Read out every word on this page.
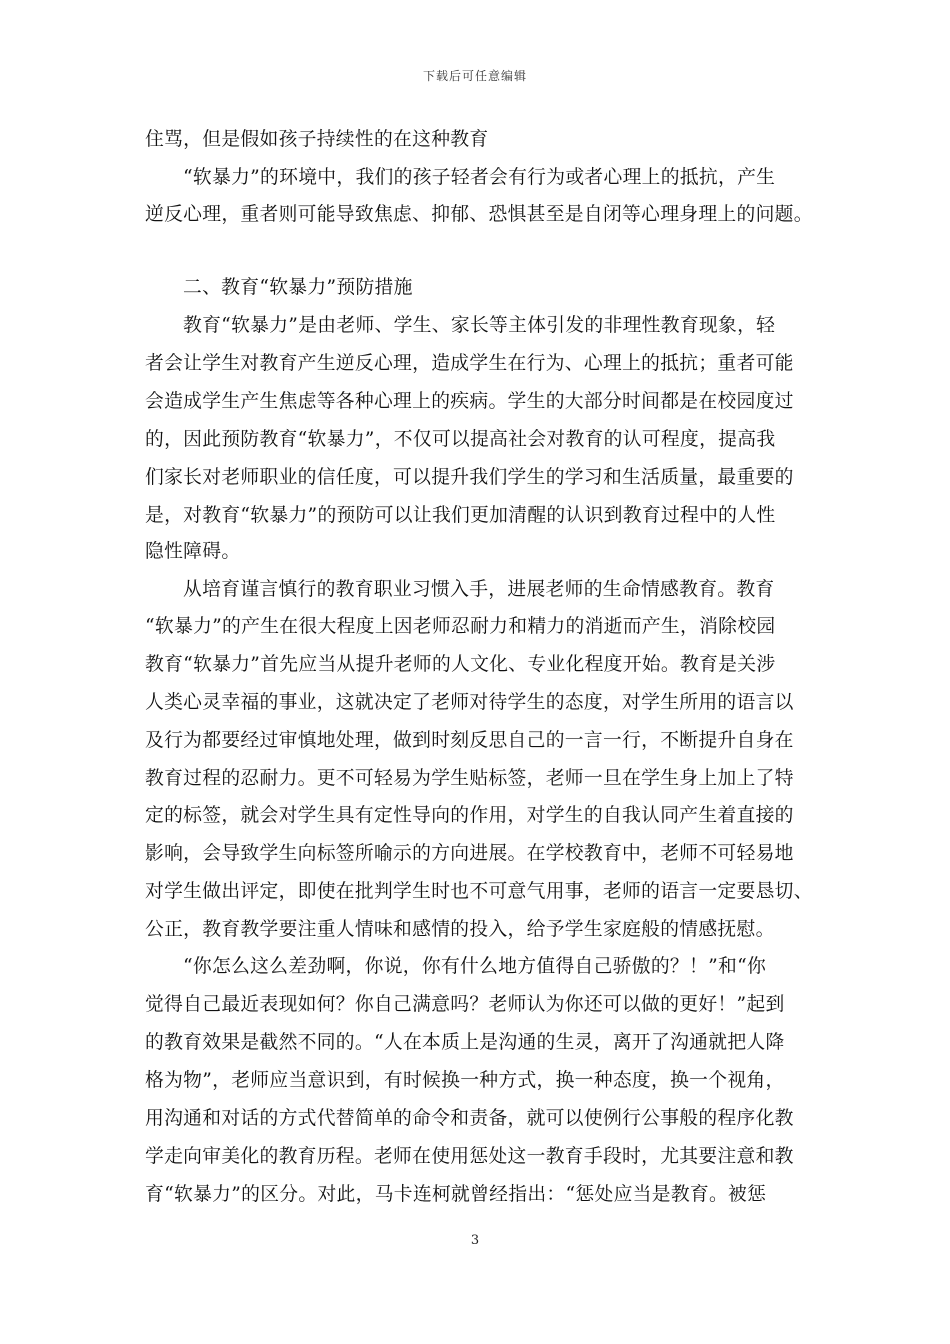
下载后可任意编辑
住骂，但是假如孩子持续性的在这种教育
“软暴力”的环境中，我们的孩子轻者会有行为或者心理上的抵抗，产生
逆反心理，重者则可能导致焦虑、抑郁、恐惧甚至是自闭等心理身理上的问题。
二、教育“软暴力”预防措施
教育“软暴力”是由老师、学生、家长等主体引发的非理性教育现象，轻
者会让学生对教育产生逆反心理，造成学生在行为、心理上的抵抗；重者可能
会造成学生产生焦虑等各种心理上的疾病。学生的大部分时间都是在校园度过
的，因此预防教育“软暴力”，不仅可以提高社会对教育的认可程度，提高我
们家长对老师职业的信任度，可以提升我们学生的学习和生活质量，最重要的
是，对教育“软暴力”的预防可以让我们更加清醒的认识到教育过程中的人性
隐性障碍。
从培育谨言慎行的教育职业习惯入手，进展老师的生命情感教育。教育
“软暴力”的产生在很大程度上因老师忍耐力和精力的消逝而产生，消除校园
教育“软暴力”首先应当从提升老师的人文化、专业化程度开始。教育是关涉
人类心灵幸福的事业，这就决定了老师对待学生的态度，对学生所用的语言以
及行为都要经过审慎地处理，做到时刻反思自己的一言一行，不断提升自身在
教育过程的忍耐力。更不可轻易为学生贴标签，老师一旦在学生身上加上了特
定的标签，就会对学生具有定性导向的作用，对学生的自我认同产生着直接的
影响，会导致学生向标签所喻示的方向进展。在学校教育中，老师不可轻易地
对学生做出评定，即使在批判学生时也不可意气用事，老师的语言一定要恳切、
公正，教育教学要注重人情味和感情的投入，给予学生家庭般的情感抚慰。
“你怎么这么差劲啊，你说，你有什么地方值得自己骄傲的？！”和“你
觉得自己最近表现如何？你自己满意吗？老师认为你还可以做的更好！”起到
的教育效果是截然不同的。“人在本质上是沟通的生灵，离开了沟通就把人降
格为物”，老师应当意识到，有时候换一种方式，换一种态度，换一个视角，
用沟通和对话的方式代替简单的命令和责备，就可以使例行公事般的程序化教
学走向审美化的教育历程。老师在使用惩处这一教育手段时，尤其要注意和教
育“软暴力”的区分。对此，马卡连柯就曾经指出：“惩处应当是教育。被惩
3
